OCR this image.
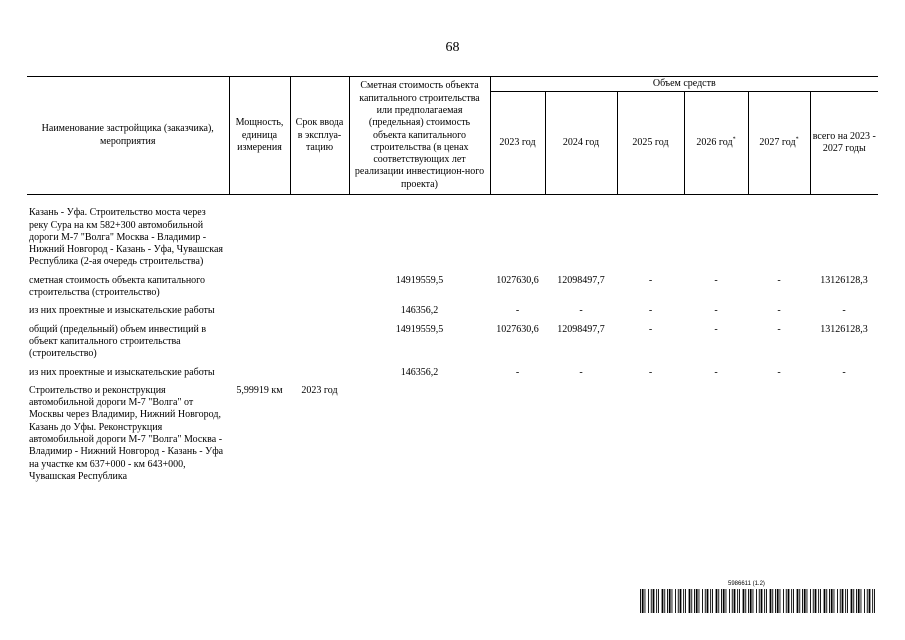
68
Наименование застройщика (заказчика), мероприятия	Мощность, единица измерения	Срок ввода в эксплуа-тацию	Сметная стоимость объекта капитального строительства или предполагаемая (предельная) стоимость объекта капитального строительства (в ценах соответствующих лет реализации инвестицион-ного проекта)	Объем средств					
				2023 год	2024 год	2025 год	2026 год*	2027 год*	всего на 2023 - 2027 годы

Казань - Уфа. Строительство моста через реку Сура на км 582+300 автомобильной дороги М-7 "Волга" Москва - Владимир - Нижний Новгород - Казань - Уфа, Чувашская Республика (2-ая очередь строительства)									
сметная стоимость объекта капитального строительства (строительство)			14919559,5	1027630,6	12098497,7	-	-	-	13126128,3
из них проектные и изыскательские работы			146356,2	-	-	-	-	-	-
общий (предельный) объем инвестиций в объект капитального строительства (строительство)			14919559,5	1027630,6	12098497,7	-	-	-	13126128,3
из них проектные и изыскательские работы			146356,2	-	-	-	-	-	-
Строительство и реконструкция автомобильной дороги М-7 "Волга" от Москвы через Владимир, Нижний Новгород, Казань до Уфы. Реконструкция автомобильной дороги М-7 "Волга" Москва - Владимир - Нижний Новгород - Казань - Уфа на участке км 637+000 - км 643+000, Чувашская Республика	5,99919 км	2023 год							
5986611 (1.2)
